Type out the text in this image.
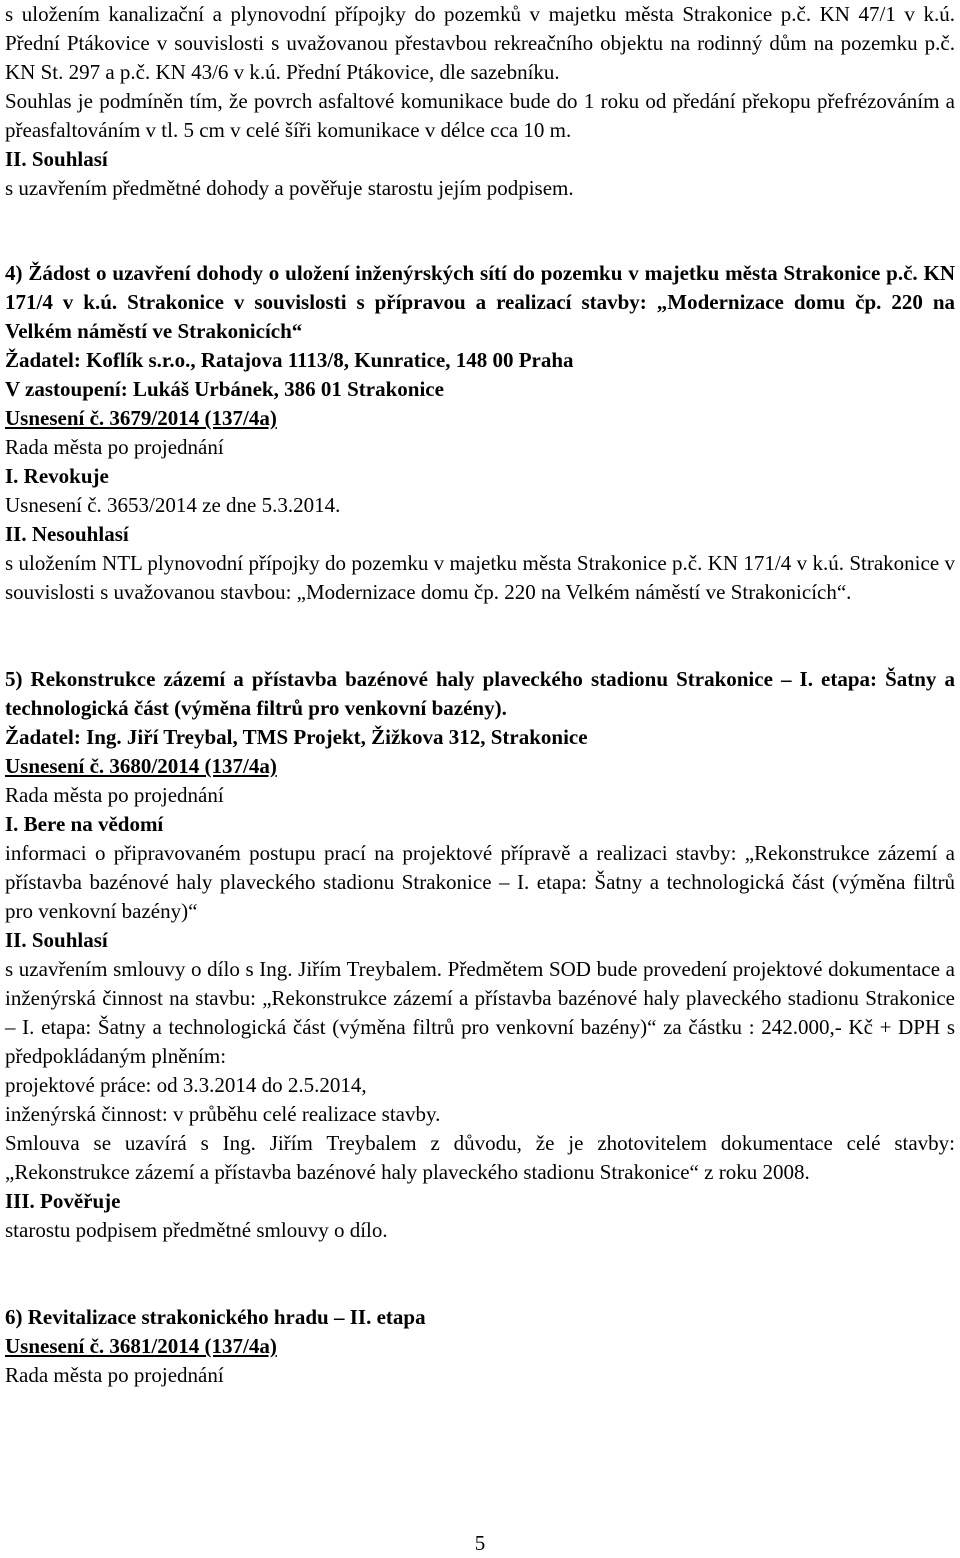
s uložením kanalizační a plynovodní přípojky do pozemků v majetku města Strakonice p.č. KN 47/1 v k.ú. Přední Ptákovice v souvislosti s uvažovanou přestavbou rekreačního objektu na rodinný dům na pozemku p.č. KN St. 297 a p.č. KN 43/6 v k.ú. Přední Ptákovice, dle sazebníku.

Souhlas je podmíněn tím, že povrch asfaltové komunikace bude do 1 roku od předání překopu přefrézováním a přeasfaltováním v tl. 5 cm v celé šíři komunikace v délce cca 10 m.

II. Souhlasí

s uzavřením předmětné dohody a pověřuje starostu jejím podpisem.

4) Žádost o uzavření dohody o uložení inženýrských sítí do pozemku v majetku města Strakonice p.č. KN 171/4 v k.ú. Strakonice v souvislosti s přípravou a realizací stavby: „Modernizace domu čp. 220 na Velkém náměstí ve Strakonicích“

Žadatel: Koflík s.r.o., Ratajova 1113/8, Kunratice, 148 00 Praha

V zastoupení: Lukáš Urbánek, 386 01 Strakonice

Usnesení č. 3679/2014 (137/4a)

Rada města po projednání

I. Revokuje

Usnesení č. 3653/2014 ze dne 5.3.2014.

II. Nesouhlasí

s uložením NTL plynovodní přípojky do pozemku v majetku města Strakonice p.č. KN 171/4 v k.ú. Strakonice v souvislosti s uvažovanou stavbou: „Modernizace domu čp. 220 na Velkém náměstí ve Strakonicích“.

5) Rekonstrukce zázemí a přístavba bazénové haly plaveckého stadionu Strakonice – I. etapa: Šatny a technologická část (výměna filtrů pro venkovní bazény).

Žadatel: Ing. Jiří Treybal, TMS Projekt, Žižkova 312, Strakonice

Usnesení č. 3680/2014 (137/4a)

Rada města po projednání

I. Bere na vědomí

informaci o připravovaném postupu prací na projektové přípravě a realizaci stavby: „Rekonstrukce zázemí a přístavba bazénové haly plaveckého stadionu Strakonice – I. etapa: Šatny a technologická část (výměna filtrů pro venkovní bazény)“

II. Souhlasí

s uzavřením smlouvy o dílo s Ing. Jiřím Treybalem. Předmětem SOD bude provedení projektové dokumentace a inženýrská činnost na stavbu: „Rekonstrukce zázemí a přístavba bazénové haly plaveckého stadionu Strakonice – I. etapa: Šatny a technologická část (výměna filtrů pro venkovní bazény)“ za částku : 242.000,- Kč + DPH s předpokládaným plněním:

projektové práce: od 3.3.2014 do 2.5.2014,

inženýrská činnost: v průběhu celé realizace stavby.

Smlouva se uzavírá s Ing. Jiřím Treybalem z důvodu, že je zhotovitelem dokumentace celé stavby: „Rekonstrukce zázemí a přístavba bazénové haly plaveckého stadionu Strakonice“ z roku 2008.

III. Pověřuje

starostu podpisem předmětné smlouvy o dílo.

6) Revitalizace strakonického hradu – II. etapa

Usnesení č. 3681/2014 (137/4a)

Rada města po projednání

5
